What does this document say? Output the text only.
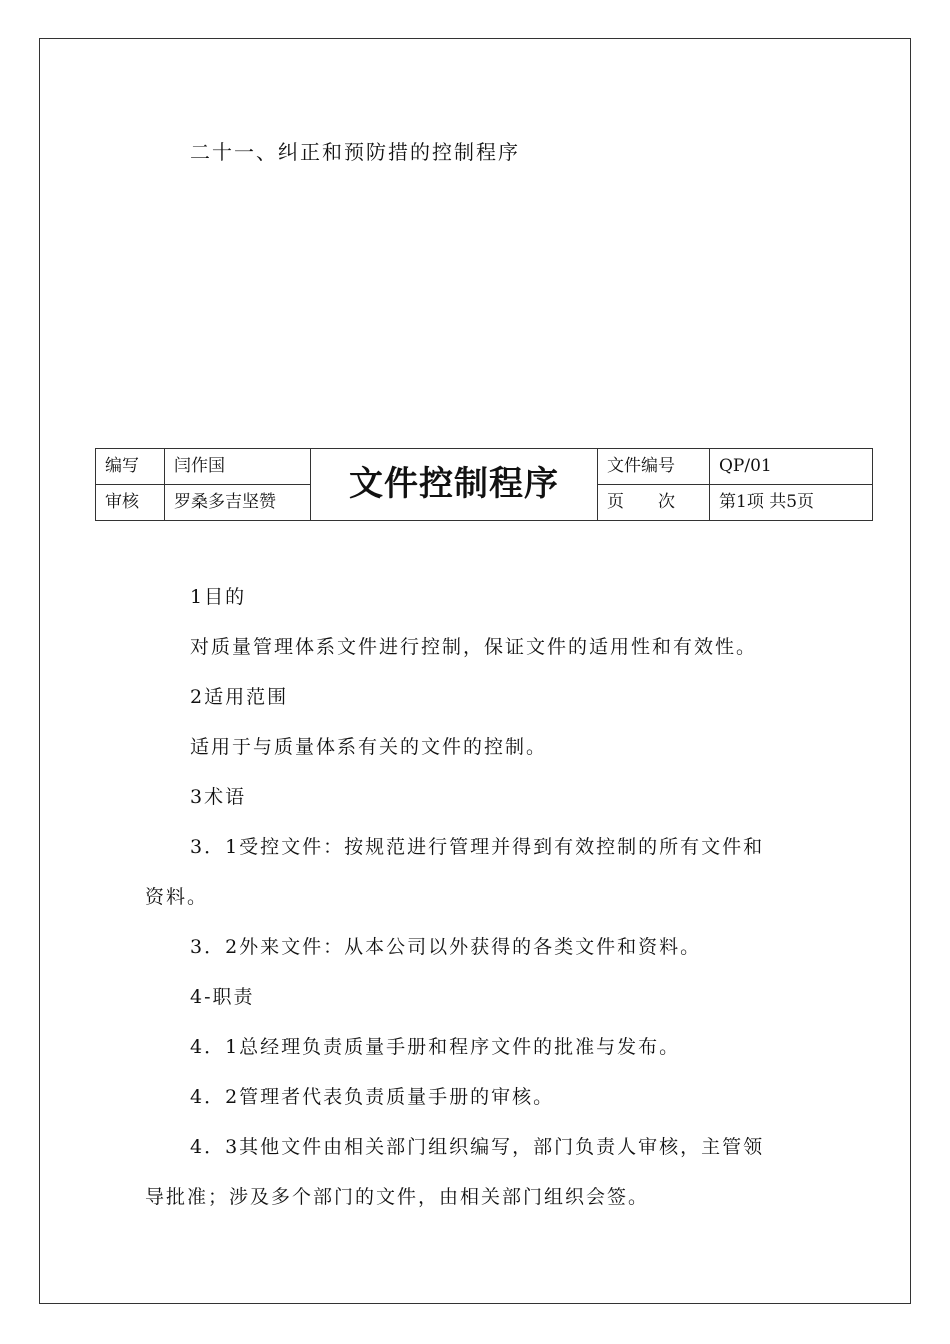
二十一、纠正和预防措的控制程序
编写	闫作国	文件控制程序	文件编号	QP/01
审核	罗桑多吉坚赞		页　　次	第1项 共5页
1目的
对质量管理体系文件进行控制，保证文件的适用性和有效性。
2适用范围
适用于与质量体系有关的文件的控制。
3术语
3．1受控文件：按规范进行管理并得到有效控制的所有文件和
资料。
3．2外来文件：从本公司以外获得的各类文件和资料。
4-职责
4．1总经理负责质量手册和程序文件的批准与发布。
4．2管理者代表负责质量手册的审核。
4．3其他文件由相关部门组织编写，部门负责人审核，主管领
导批准；涉及多个部门的文件，由相关部门组织会签。
